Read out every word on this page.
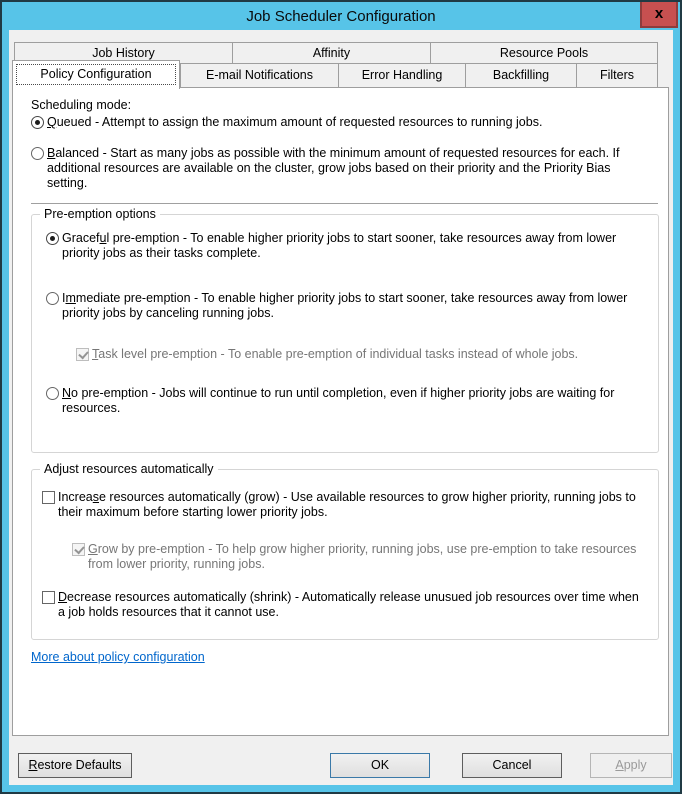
Job Scheduler Configuration	x
Job History	Affinity	Resource Pools
Policy Configuration	E-mail Notifications	Error Handling	Backfilling	Filters
Scheduling mode:
Queued - Attempt to assign the maximum amount of requested resources to running jobs.
Balanced - Start as many jobs as possible with the minimum amount of requested resources for each. If additional resources are available on the cluster, grow jobs based on their priority and the Priority Bias setting.
Pre-emption options
Graceful pre-emption - To enable higher priority jobs to start sooner, take resources away from lower priority jobs as their tasks complete.
Immediate pre-emption - To enable higher priority jobs to start sooner, take resources away from lower priority jobs by canceling running jobs.
Task level pre-emption - To enable pre-emption of individual tasks instead of whole jobs.
No pre-emption - Jobs will continue to run until completion, even if higher priority jobs are waiting for resources.
Adjust resources automatically
Increase resources automatically (grow) - Use available resources to grow higher priority, running jobs to their maximum before starting lower priority jobs.
Grow by pre-emption - To help grow higher priority, running jobs, use pre-emption to take resources from lower priority, running jobs.
Decrease resources automatically (shrink) - Automatically release unusued job resources over time when a job holds resources that it cannot use.
More about policy configuration
Restore Defaults	OK	Cancel	Apply
